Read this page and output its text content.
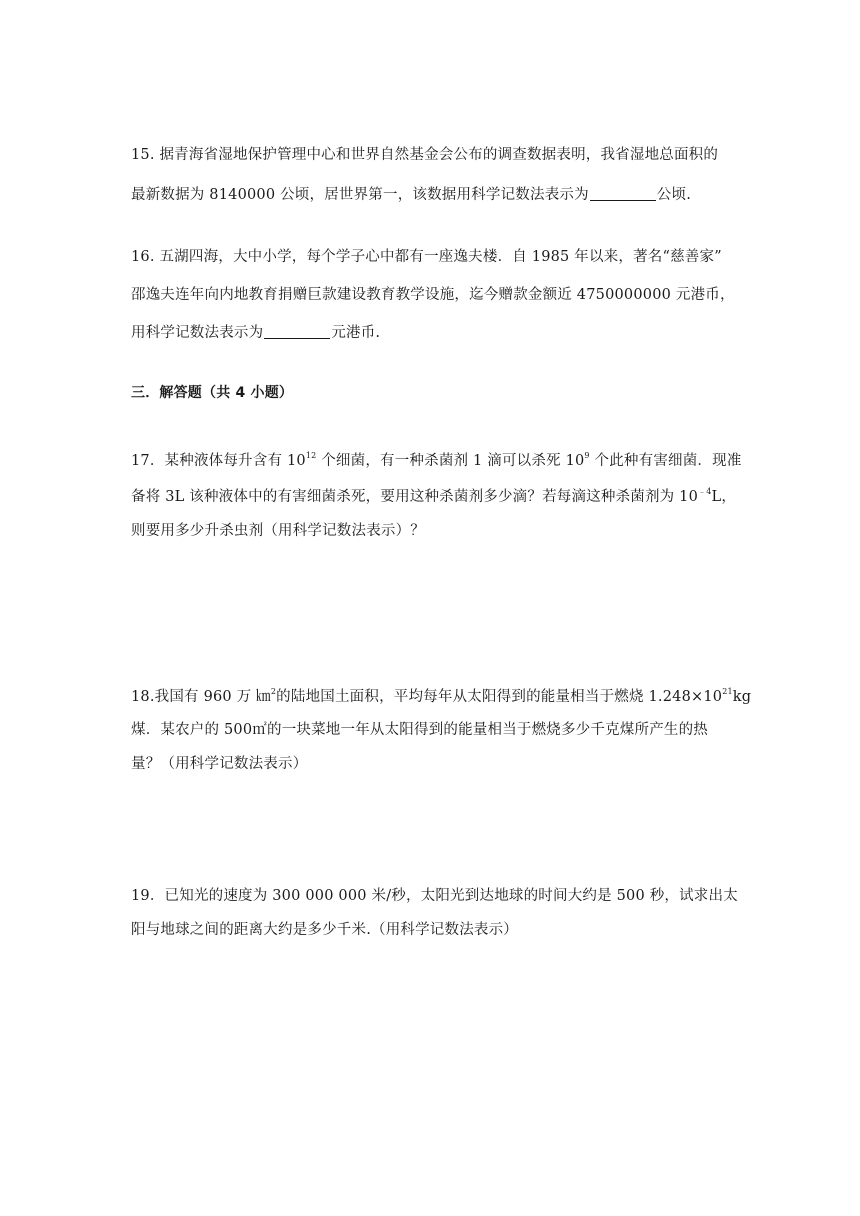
15. 据青海省湿地保护管理中心和世界自然基金会公布的调查数据表明，我省湿地总面积的
最新数据为 8140000 公顷，居世界第一，该数据用科学记数法表示为	公顷.
16. 五湖四海，大中小学，每个学子心中都有一座逸夫楼．自 1985 年以来，著名“慈善家”
邵逸夫连年向内地教育捐赠巨款建设教育教学设施，迄今赠款金额近 4750000000 元港币，
用科学记数法表示为	元港币.
三．解答题（共 4 小题）
17．某种液体每升含有 $10^{12}$ 个细菌，有一种杀菌剂 1 滴可以杀死 $10^9$ 个此种有害细菌．现准
备将 3L 该种液体中的有害细菌杀死，要用这种杀菌剂多少滴？若每滴这种杀菌剂为 $10^{﹣4}L$，
则要用多少升杀虫剂（用科学记数法表示）？
18.我国有 960 万 ㎞$^2$的陆地国土面积，平均每年从太阳得到的能量相当于燃烧 $1.248\times 10^{21}kg$
煤．某农户的 500㎡的一块菜地一年从太阳得到的能量相当于燃烧多少千克煤所产生的热
量？（用科学记数法表示）
19．已知光的速度为 300 000 000 米/秒，太阳光到达地球的时间大约是 500 秒，试求出太
阳与地球之间的距离大约是多少千米.（用科学记数法表示）
